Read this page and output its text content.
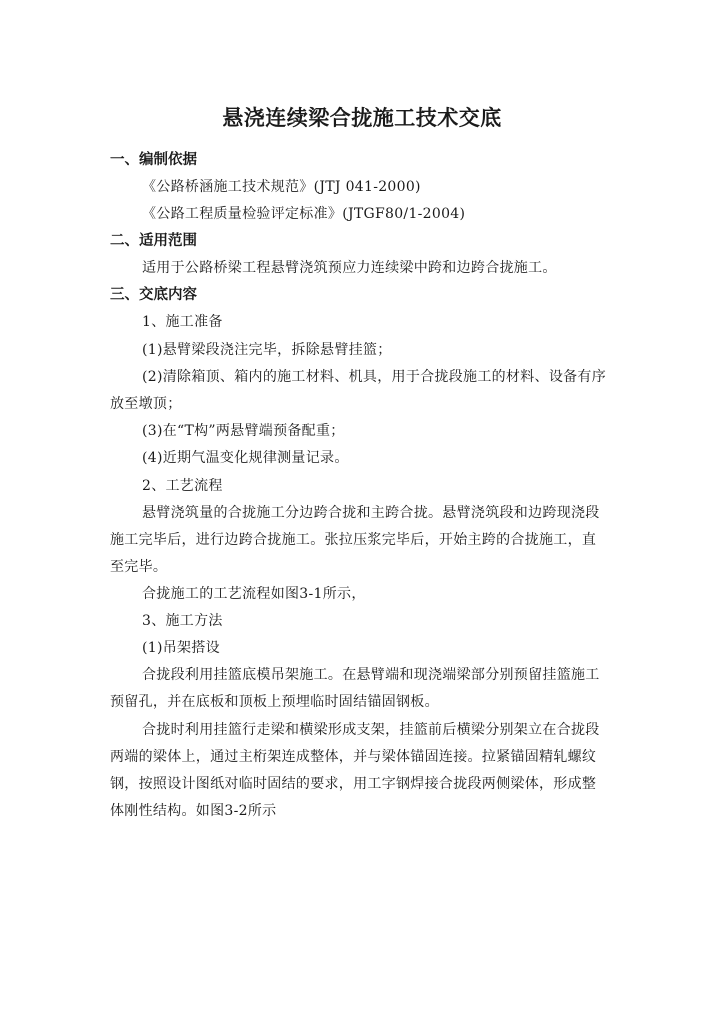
悬浇连续梁合拢施工技术交底
一、编制依据
《公路桥涵施工技术规范》(JTJ 041-2000)
《公路工程质量检验评定标准》(JTGF80/1-2004)
二、适用范围
适用于公路桥梁工程悬臂浇筑预应力连续梁中跨和边跨合拢施工。
三、交底内容
1、施工准备
(1)悬臂梁段浇注完毕，拆除悬臂挂篮；
(2)清除箱顶、箱内的施工材料、机具，用于合拢段施工的材料、设备有序
放至墩顶；
(3)在“T构”两悬臂端预备配重；
(4)近期气温变化规律测量记录。
2、工艺流程
悬臂浇筑量的合拢施工分边跨合拢和主跨合拢。悬臂浇筑段和边跨现浇段
施工完毕后，进行边跨合拢施工。张拉压浆完毕后，开始主跨的合拢施工，直
至完毕。
合拢施工的工艺流程如图3-1所示，
3、施工方法
(1)吊架搭设
合拢段利用挂篮底模吊架施工。在悬臂端和现浇端梁部分别预留挂篮施工
预留孔，并在底板和顶板上预埋临时固结锚固钢板。
合拢时利用挂篮行走梁和横梁形成支架，挂篮前后横梁分别架立在合拢段
两端的梁体上，通过主桁架连成整体，并与梁体锚固连接。拉紧锚固精轧螺纹
钢，按照设计图纸对临时固结的要求，用工字钢焊接合拢段两侧梁体，形成整
体刚性结构。如图3-2所示
